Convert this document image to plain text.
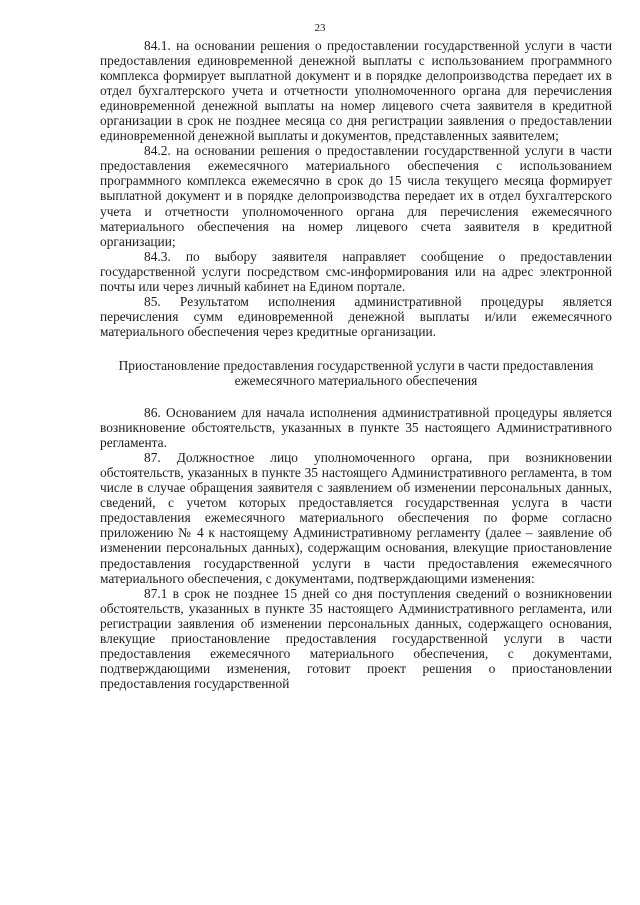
23

84.1. на основании решения о предоставлении государственной услуги в части предоставления единовременной денежной выплаты с использованием программного комплекса формирует выплатной документ и в порядке делопроизводства передает их в отдел бухгалтерского учета и отчетности уполномоченного органа для перечисления единовременной денежной выплаты на номер лицевого счета заявителя в кредитной организации в срок не позднее месяца со дня регистрации заявления о предоставлении единовременной денежной выплаты и документов, представленных заявителем;

84.2. на основании решения о предоставлении государственной услуги в части предоставления ежемесячного материального обеспечения с использованием программного комплекса ежемесячно в срок до 15 числа текущего месяца формирует выплатной документ и в порядке делопроизводства передает их в отдел бухгалтерского учета и отчетности уполномоченного органа для перечисления ежемесячного материального обеспечения на номер лицевого счета заявителя в кредитной организации;

84.3. по выбору заявителя направляет сообщение о предоставлении государственной услуги посредством смс-информирования или на адрес электронной почты или через личный кабинет на Едином портале.

85. Результатом исполнения административной процедуры является перечисления сумм единовременной денежной выплаты и/или ежемесячного материального обеспечения через кредитные организации.

Приостановление предоставления государственной услуги в части предоставления ежемесячного материального обеспечения

86. Основанием для начала исполнения административной процедуры является возникновение обстоятельств, указанных в пункте 35 настоящего Административного регламента.

87. Должностное лицо уполномоченного органа, при возникновении обстоятельств, указанных в пункте 35 настоящего Административного регламента, в том числе в случае обращения заявителя с заявлением об изменении персональных данных, сведений, с учетом которых предоставляется государственная услуга в части предоставления ежемесячного материального обеспечения по форме согласно приложению № 4 к настоящему Административному регламенту (далее – заявление об изменении персональных данных), содержащим основания, влекущие приостановление предоставления государственной услуги в части предоставления ежемесячного материального обеспечения, с документами, подтверждающими изменения:

87.1 в срок не позднее 15 дней со дня поступления сведений о возникновении обстоятельств, указанных в пункте 35 настоящего Административного регламента, или регистрации заявления об изменении персональных данных, содержащего основания, влекущие приостановление предоставления государственной услуги в части предоставления ежемесячного материального обеспечения, с документами, подтверждающими изменения, готовит проект решения о приостановлении предоставления государственной
